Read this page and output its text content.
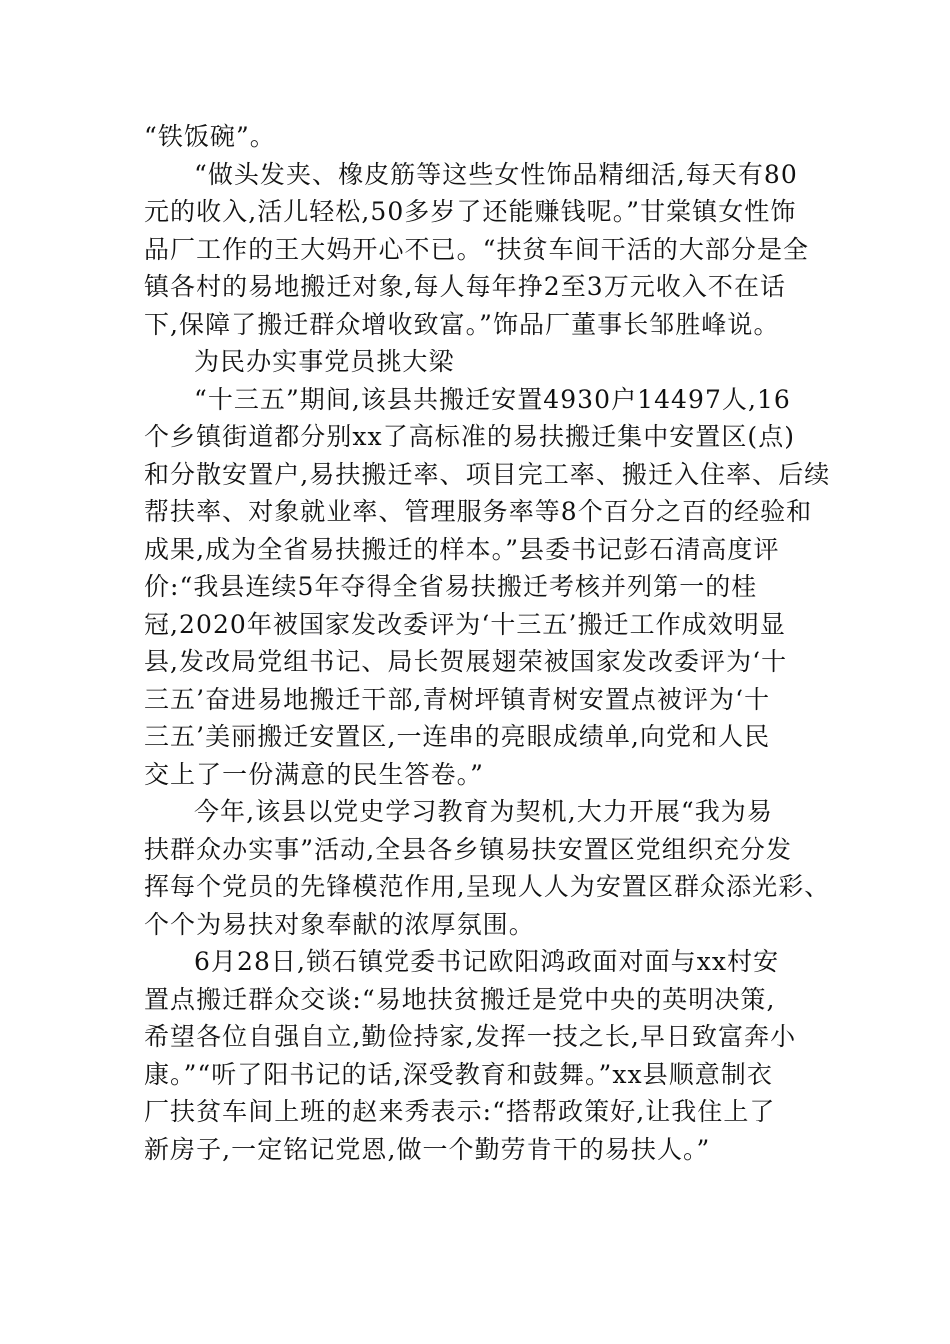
“铁饭碗”。
“做头发夹、橡皮筋等这些女性饰品精细活,每天有80
元的收入,活儿轻松,50多岁了还能赚钱呢。”甘棠镇女性饰
品厂工作的王大妈开心不已。“扶贫车间干活的大部分是全
镇各村的易地搬迁对象,每人每年挣2至3万元收入不在话
下,保障了搬迁群众增收致富。”饰品厂董事长邹胜峰说。
为民办实事党员挑大梁
“十三五”期间,该县共搬迁安置4930户14497人,16
个乡镇街道都分别xx了高标准的易扶搬迁集中安置区(点)
和分散安置户,易扶搬迁率、项目完工率、搬迁入住率、后续
帮扶率、对象就业率、管理服务率等8个百分之百的经验和
成果,成为全省易扶搬迁的样本。”县委书记彭石清高度评
价:“我县连续5年夺得全省易扶搬迁考核并列第一的桂
冠,2020年被国家发改委评为‘十三五’搬迁工作成效明显
县,发改局党组书记、局长贺展翅荣被国家发改委评为‘十
三五’奋进易地搬迁干部,青树坪镇青树安置点被评为‘十
三五’美丽搬迁安置区,一连串的亮眼成绩单,向党和人民
交上了一份满意的民生答卷。”
今年,该县以党史学习教育为契机,大力开展“我为易
扶群众办实事”活动,全县各乡镇易扶安置区党组织充分发
挥每个党员的先锋模范作用,呈现人人为安置区群众添光彩、
个个为易扶对象奉献的浓厚氛围。
6月28日,锁石镇党委书记欧阳鸿政面对面与xx村安
置点搬迁群众交谈:“易地扶贫搬迁是党中央的英明决策,
希望各位自强自立,勤俭持家,发挥一技之长,早日致富奔小
康。”“听了阳书记的话,深受教育和鼓舞。”xx县顺意制衣
厂扶贫车间上班的赵来秀表示:“搭帮政策好,让我住上了
新房子,一定铭记党恩,做一个勤劳肯干的易扶人。”
